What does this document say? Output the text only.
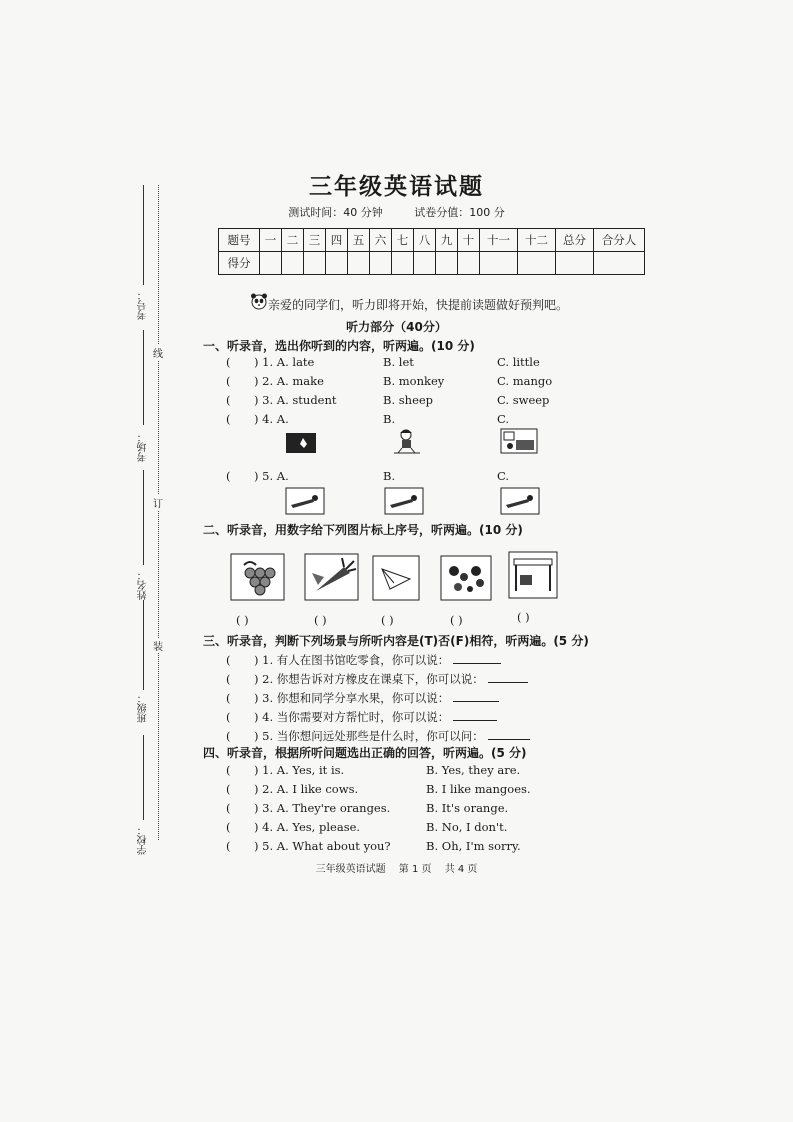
考号：
考场：
姓名：
班级：
学校：
线
订
装
三年级英语试题
测试时间：40 分钟	试卷分值：100 分
题号	一	二	三	四	五	六	七	八	九	十	十一	十二	总分	合分人
得分														
亲爱的同学们，听力即将开始，快提前读题做好预判吧。
听力部分（40分）
一、听录音，选出你听到的内容，听两遍。(10 分)
( ) 1. A. late	B. let	C. little
( ) 2. A. make	B. monkey	C. mango
( ) 3. A. student	B. sheep	C. sweep
( ) 4. A.	B.	C.
( ) 5. A.	B.	C.
二、听录音，用数字给下列图片标上序号，听两遍。(10 分)
( )	( )	( )	( )	( )
三、听录音，判断下列场景与所听内容是(T)否(F)相符，听两遍。(5 分)
( ) 1. 有人在图书馆吃零食，你可以说：
( ) 2. 你想告诉对方橡皮在课桌下，你可以说：
( ) 3. 你想和同学分享水果，你可以说：
( ) 4. 当你需要对方帮忙时，你可以说：
( ) 5. 当你想问远处那些是什么时，你可以问：
四、听录音，根据所听问题选出正确的回答，听两遍。(5 分)
( ) 1. A. Yes, it is.	B. Yes, they are.
( ) 2. A. I like cows.	B. I like mangoes.
( ) 3. A. They're oranges.	B. It's orange.
( ) 4. A. Yes, please.	B. No, I don't.
( ) 5. A. What about you?	B. Oh, I'm sorry.
三年级英语试题 第 1 页 共 4 页
